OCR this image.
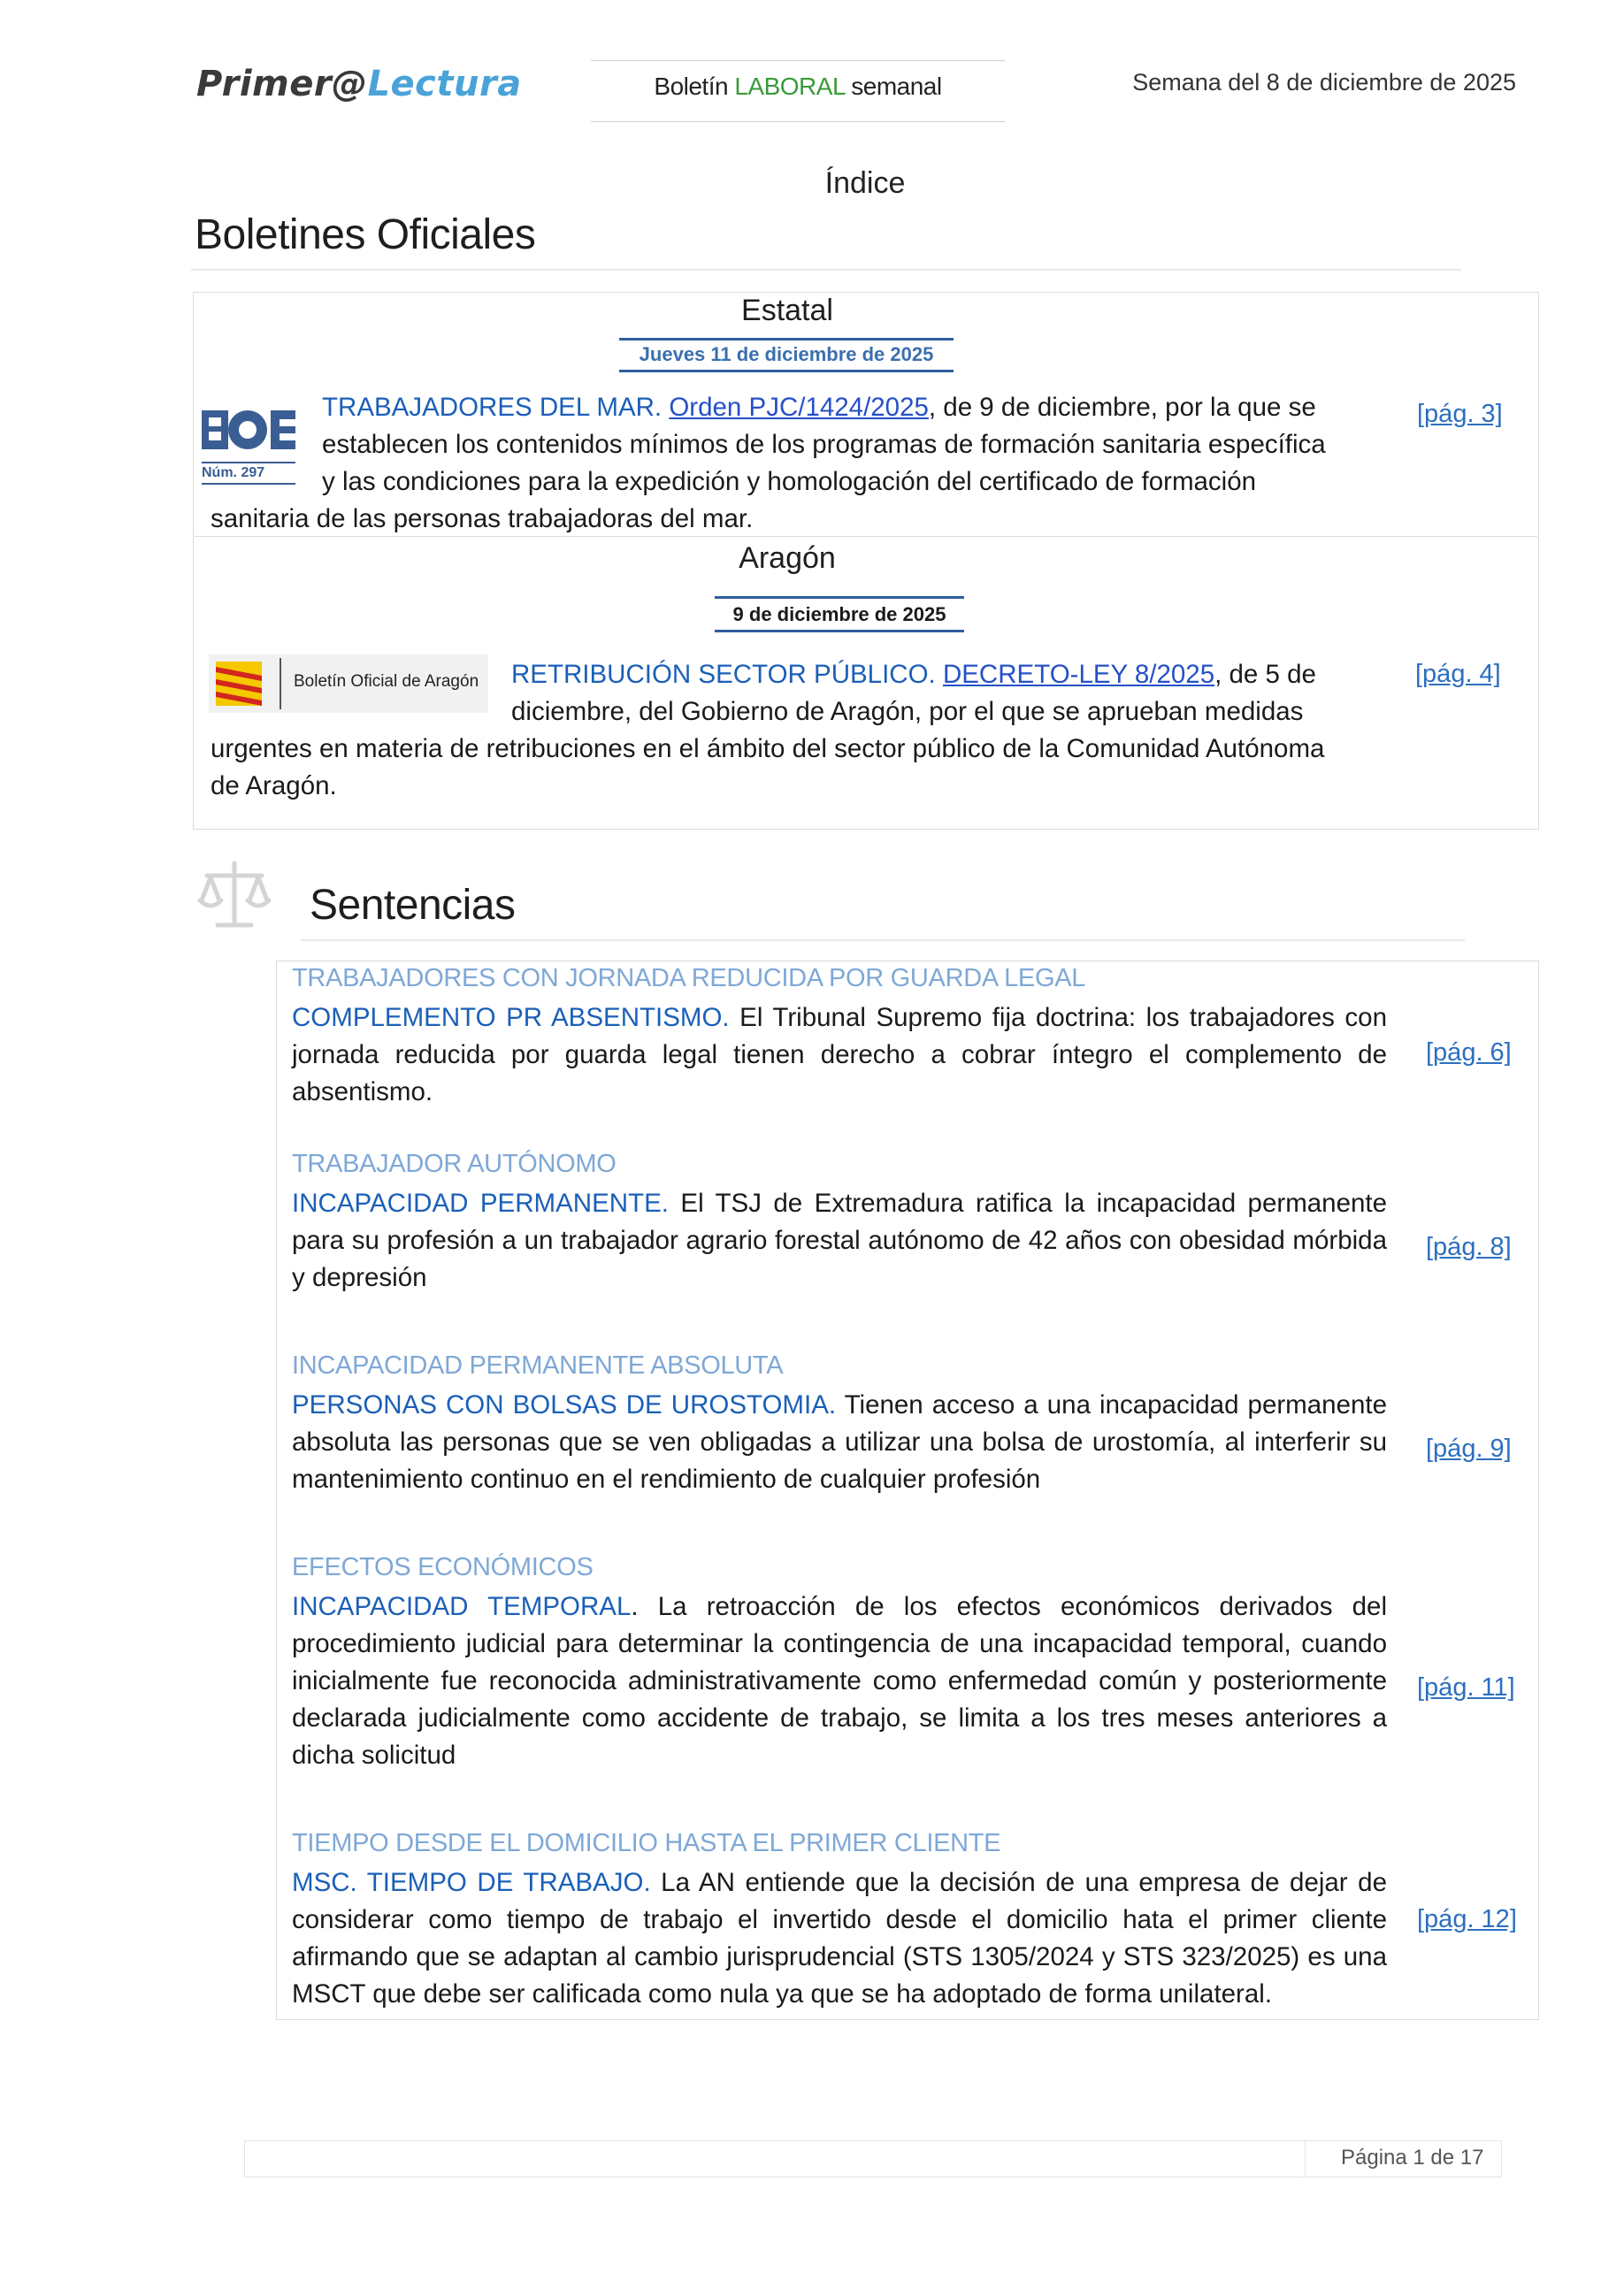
Primer@Lectura	Boletín LABORAL semanal	Semana del 8 de diciembre de 2025
Índice
Boletines Oficiales
Estatal
Jueves 11 de diciembre de 2025
Núm. 297
TRABAJADORES DEL MAR. Orden PJC/1424/2025, de 9 de diciembre, por la que se
establecen los contenidos mínimos de los programas de formación sanitaria específica
y las condiciones para la expedición y homologación del certificado de formación
sanitaria de las personas trabajadoras del mar.
[pág. 3]
Aragón
9 de diciembre de 2025
Boletín Oficial de Aragón RETRIBUCIÓN SECTOR PÚBLICO. DECRETO-LEY 8/2025, de 5 de
diciembre, del Gobierno de Aragón, por el que se aprueban medidas
urgentes en materia de retribuciones en el ámbito del sector público de la Comunidad Autónoma
de Aragón.
[pág. 4]
Sentencias
TRABAJADORES CON JORNADA REDUCIDA POR GUARDA LEGAL
COMPLEMENTO PR ABSENTISMO. El Tribunal Supremo fija doctrina: los trabajadores con jornada reducida por guarda legal tienen derecho a cobrar íntegro el complemento de absentismo.
[pág. 6]
TRABAJADOR AUTÓNOMO
INCAPACIDAD PERMANENTE. El TSJ de Extremadura ratifica la incapacidad permanente para su profesión a un trabajador agrario forestal autónomo de 42 años con obesidad mórbida y depresión
[pág. 8]
INCAPACIDAD PERMANENTE ABSOLUTA
PERSONAS CON BOLSAS DE UROSTOMIA. Tienen acceso a una incapacidad permanente absoluta las personas que se ven obligadas a utilizar una bolsa de urostomía, al interferir su mantenimiento continuo en el rendimiento de cualquier profesión
[pág. 9]
EFECTOS ECONÓMICOS
INCAPACIDAD TEMPORAL. La retroacción de los efectos económicos derivados del procedimiento judicial para determinar la contingencia de una incapacidad temporal, cuando inicialmente fue reconocida administrativamente como enfermedad común y posteriormente declarada judicialmente como accidente de trabajo, se limita a los tres meses anteriores a dicha solicitud
[pág. 11]
TIEMPO DESDE EL DOMICILIO HASTA EL PRIMER CLIENTE
MSC. TIEMPO DE TRABAJO. La AN entiende que la decisión de una empresa de dejar de considerar como tiempo de trabajo el invertido desde el domicilio hata el primer cliente afirmando que se adaptan al cambio jurisprudencial (STS 1305/2024 y STS 323/2025) es una MSCT que debe ser calificada como nula ya que se ha adoptado de forma unilateral.
[pág. 12]
Página 1 de 17
